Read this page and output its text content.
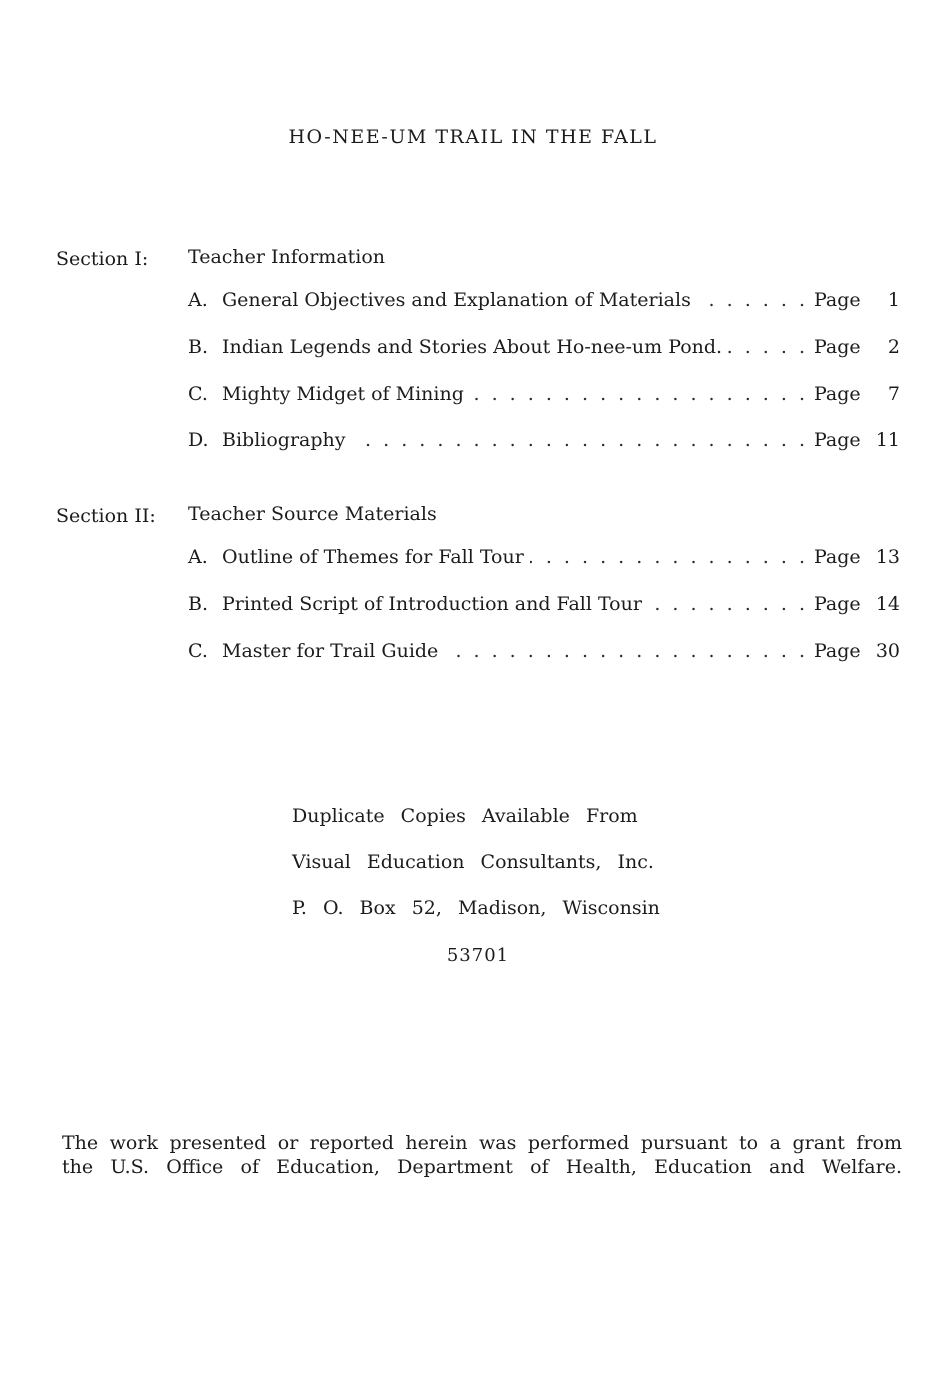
HO-NEE-UM TRAIL IN THE FALL
Section I: Teacher Information
A. General Objectives and Explanation of Materials . . .	Page	1
B. Indian Legends and Stories About Ho-nee-um Pond. . . .	Page	2
C. Mighty Midget of Mining . . .	Page	7
D. Bibliography . . .	Page 11
Section II: Teacher Source Materials
A. Outline of Themes for Fall Tour . . .	Page 13
B. Printed Script of Introduction and Fall Tour . . .	Page 14
C. Master for Trail Guide . . .	Page 30
Duplicate Copies Available From
Visual Education Consultants, Inc.
P. O. Box 52, Madison, Wisconsin
53701
The work presented or reported herein was performed pursuant to a grant from
the U.S. Office of Education, Department of Health, Education and Welfare.
